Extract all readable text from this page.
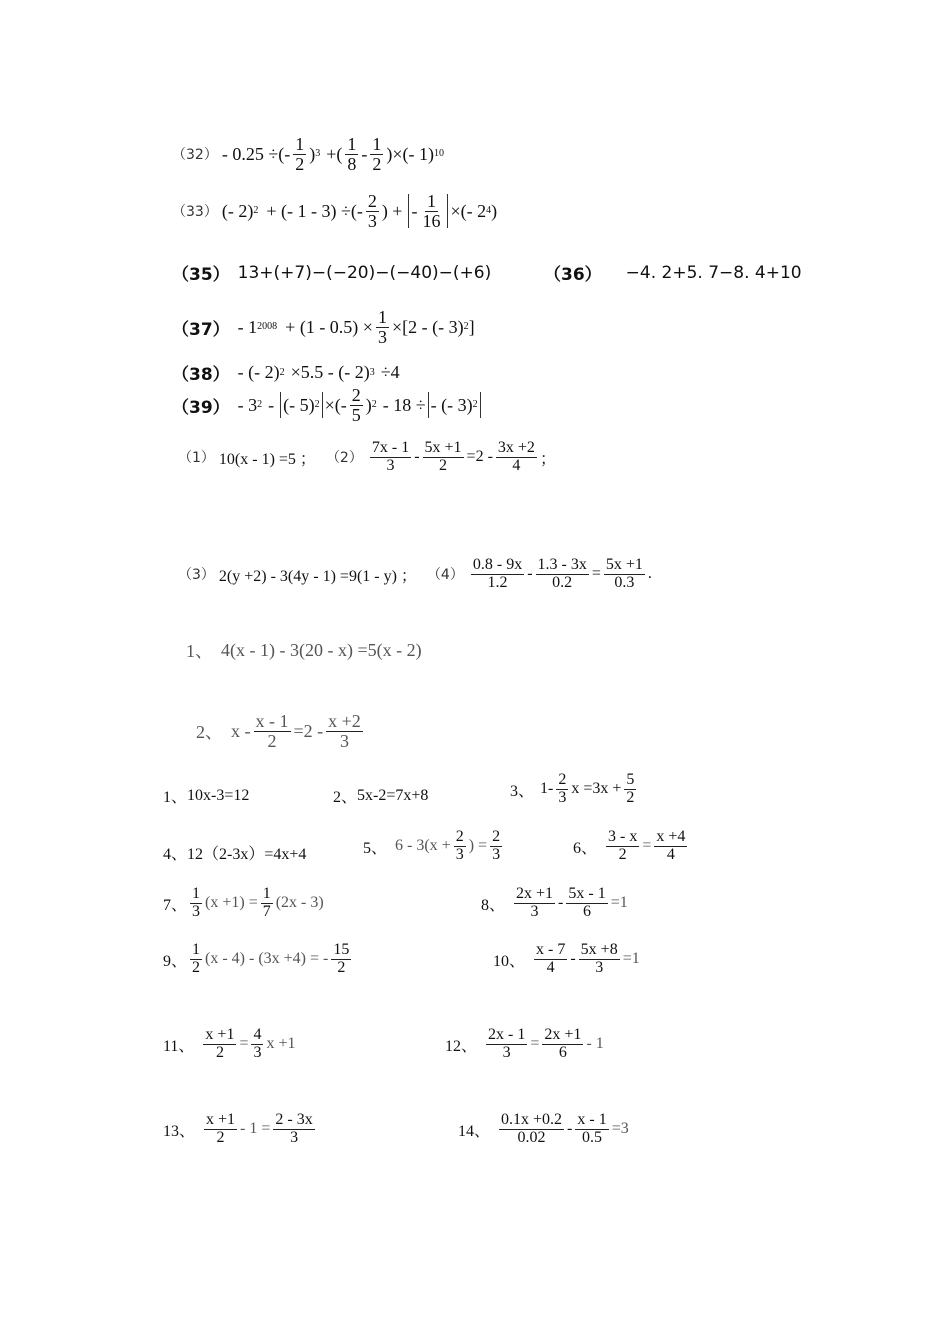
（32） - 0.25 ÷(- $\frac{1}{2}$ ) 3 +( $\frac{1}{8} - \frac{1}{2}$ )×(- 1) 10
（33） (- 2) 2 + (- 1 - 3) ÷(- $\frac{2}{3}$ ) + - $\frac{1}{16}$ ×(- 2 4 )
（35） 13+(+7)−(−20)−(−40)−(+6)	（36） −4. 2+5. 7−8. 4+10
（37） - 1 $2008 + (1 - 0.5) \times \frac{1}{3} \times[2$ - (- 3) 2 ]
（38） - (- 2) 2 ×5.5 - (- 2) 3 ÷4
（39） - 3 2 - (- 5) 2 ×(- $\frac{2}{5}$ ) 2 - 18 ÷ - (- 3) 2
（1） 10(x - 1) =5 ； $(2) \frac{7x - 1}{3} - \frac{5x +1}{2} =2 - \frac{3x +2}{4}$ ；
（3） 2(y +2) - 3(4y - 1) =9(1 - y) ； $(4) \frac{0.8 - 9x}{1.2} - \frac{1.3 - 3x}{0.2} = \frac{5x +1}{0.3}$ .
1、 4(x - 1) - 3(20 - x) =5(x - 2)
2、 $x - \frac{x - 1}{2} =2 - \frac{x +2}{3}$
1、 10x-3=12	2、 5x-2=7x+8	3、 $1- \frac{2}{3}$ $x =3x + \frac{5}{2}$
4、 12（2-3x）=4x+4	5、 $6 - 3(x + \frac{2}{3}$ ) = $\frac{2}{3}$	6、 $\frac{3 - x}{2} = \frac{x +4}{4}$
7、 $\frac{1}{3} (x +1) = \frac{1}{7} (2x - 3)$	8、 $\frac{2x +1}{3} - \frac{5x - 1}{6} =1$
9、 $\frac{1}{2} (x - 4) - (3x +4)$ = - $\frac{15}{2}$	10、 $\frac{x - 7}{4} - \frac{5x +8}{3} =1$
11、 $\frac{x +1}{2} = \frac{4}{3}$ x +1	12、 $\frac{2x - 1}{3} = \frac{2x +1}{6} - 1$
13、 $\frac{x +1}{2} - 1 = \frac{2 - 3x}{3}$	14、 $\frac{0.1x +0.2}{0.02} - \frac{x - 1}{0.5} =3$
